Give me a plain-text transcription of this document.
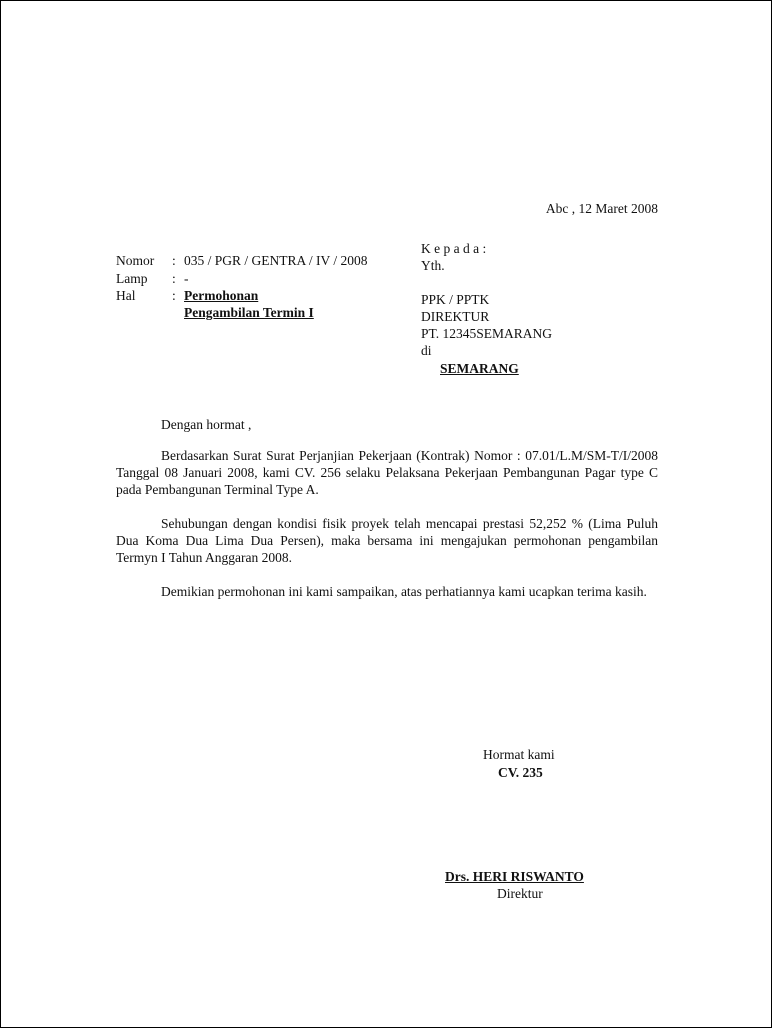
Abc , 12 Maret 2008
Nomor : 035 / PGR / GENTRA / IV / 2008
Lamp : -
Hal	: Permohonan
Pengambilan Termin I
K e p a d a :
Yth.
PPK / PPTK
DIREKTUR
PT. 12345SEMARANG
di
SEMARANG
Dengan hormat ,
Berdasarkan Surat Surat Perjanjian Pekerjaan (Kontrak) Nomor : 07.01/L.M/SM-T/I/2008 Tanggal 08 Januari 2008, kami CV. 256 selaku Pelaksana Pekerjaan Pembangunan Pagar type C pada Pembangunan Terminal Type A.
Sehubungan dengan kondisi fisik proyek telah mencapai prestasi 52,252 % (Lima Puluh Dua Koma Dua Lima Dua Persen), maka bersama ini mengajukan permohonan pengambilan Termyn I Tahun Anggaran 2008.
Demikian permohonan ini kami sampaikan, atas perhatiannya kami ucapkan terima kasih.
Hormat kami
CV. 235
Drs. HERI RISWANTO
Direktur
